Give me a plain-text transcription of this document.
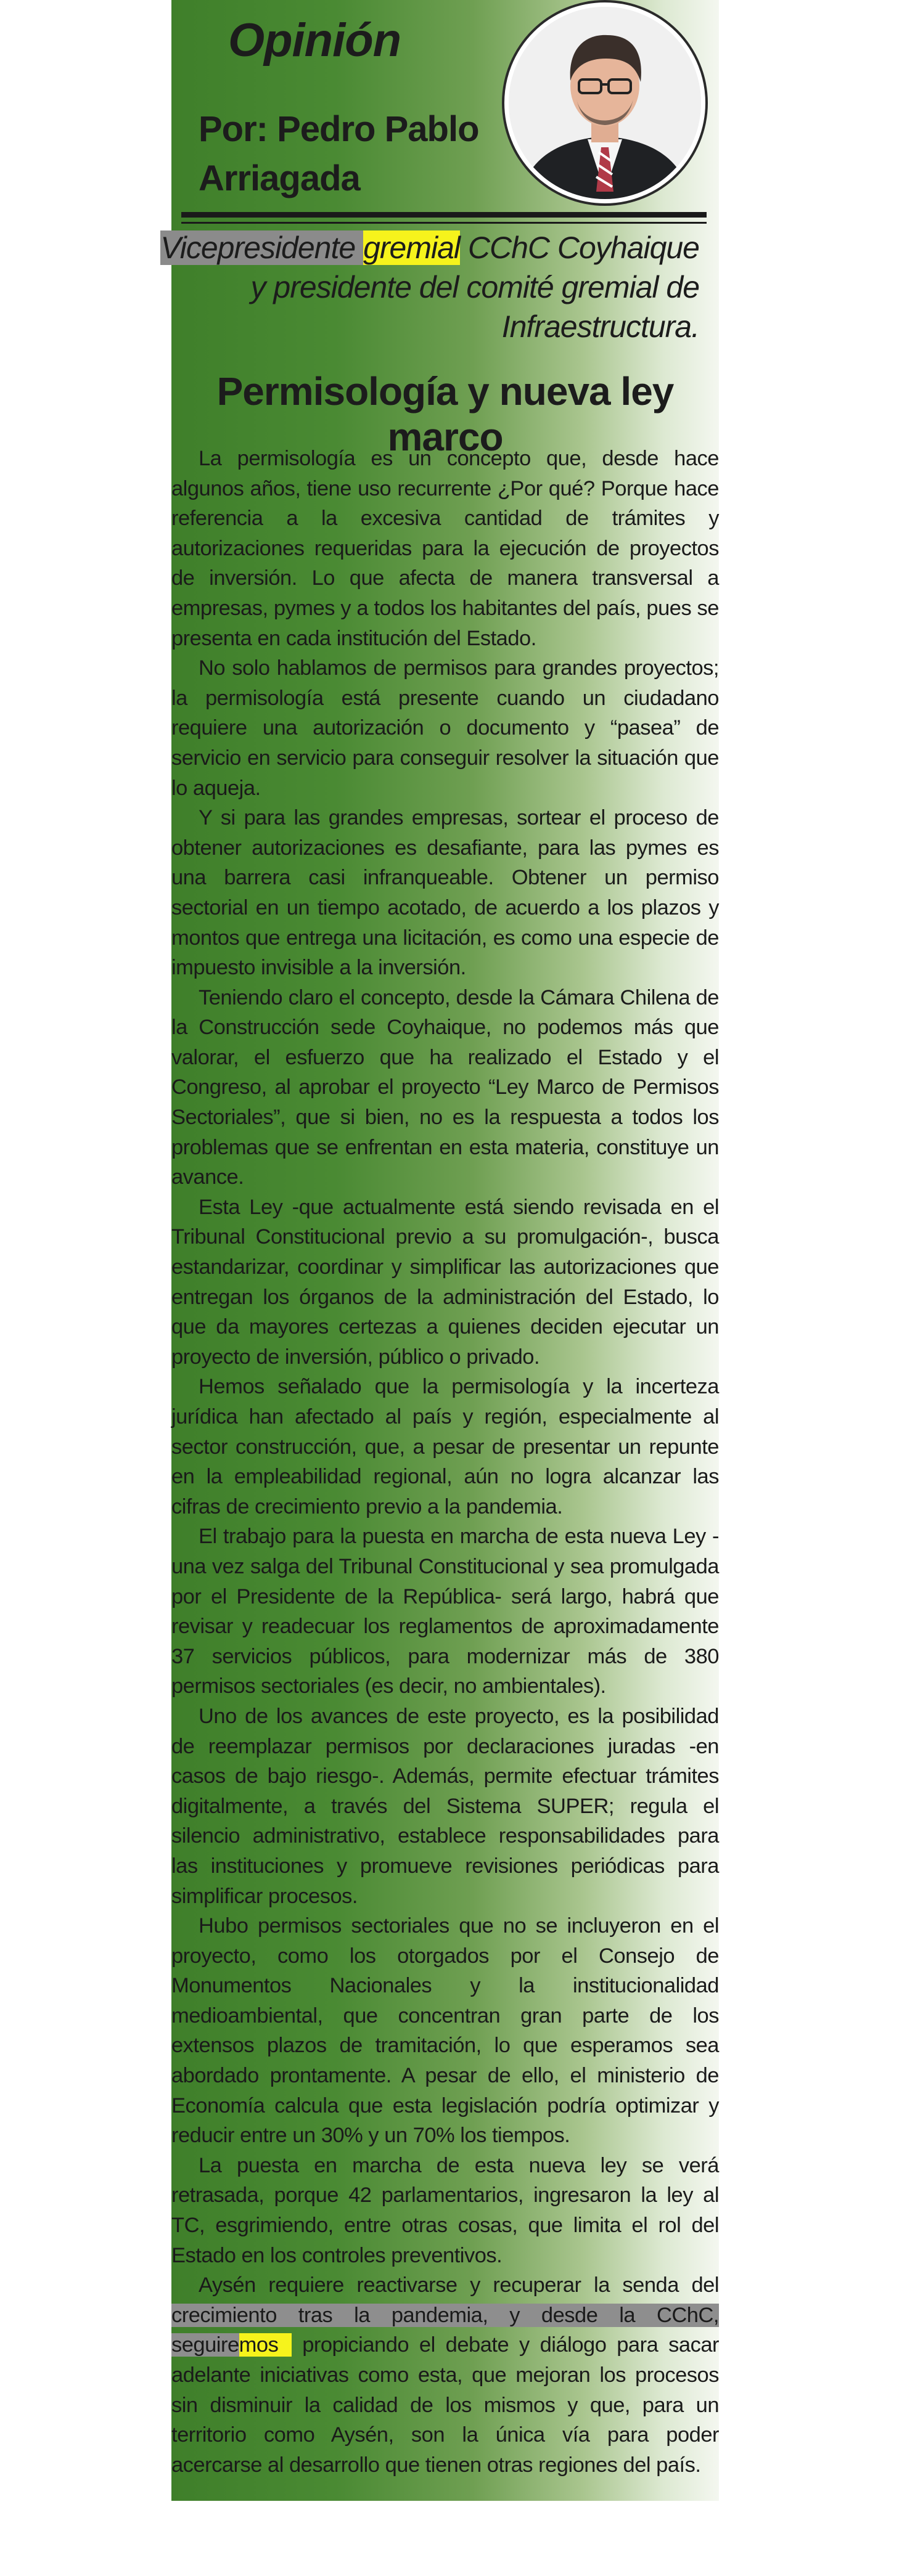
Opinión
Por: Pedro Pablo
Arriagada
Vicepresidente gremial CChC Coyhaique
y presidente del comité gremial de
Infraestructura.
Permisología y nueva ley marco

La permisología es un concepto que, desde hace algunos años, tiene uso recurrente ¿Por qué? Porque hace referencia a la excesiva cantidad de trámites y autorizaciones requeridas para la ejecución de proyectos de inversión. Lo que afecta de manera transversal a empresas, pymes y a todos los habitantes del país, pues se presenta en cada institución del Estado.

No solo hablamos de permisos para grandes proyectos; la permisología está presente cuando un ciudadano requiere una autorización o documento y “pasea” de servicio en servicio para conseguir resolver la situación que lo aqueja.

Y si para las grandes empresas, sortear el proceso de obtener autorizaciones es desafiante, para las pymes es una barrera casi infranqueable. Obtener un permiso sectorial en un tiempo acotado, de acuerdo a los plazos y montos que entrega una licitación, es como una especie de impuesto invisible a la inversión.

Teniendo claro el concepto, desde la Cámara Chilena de la Construcción sede Coyhaique, no podemos más que valorar, el esfuerzo que ha realizado el Estado y el Congreso, al aprobar el proyecto “Ley Marco de Permisos Sectoriales”, que si bien, no es la respuesta a todos los problemas que se enfrentan en esta materia, constituye un avance.

Esta Ley -que actualmente está siendo revisada en el Tribunal Constitucional previo a su promulgación-, busca estandarizar, coordinar y simplificar las autorizaciones que entregan los órganos de la administración del Estado, lo que da mayores certezas a quienes deciden ejecutar un proyecto de inversión, público o privado.

Hemos señalado que la permisología y la incerteza jurídica han afectado al país y región, especialmente al sector construcción, que, a pesar de presentar un repunte en la empleabilidad regional, aún no logra alcanzar las cifras de crecimiento previo a la pandemia.

El trabajo para la puesta en marcha de esta nueva Ley -una vez salga del Tribunal Constitucional y sea promulgada por el Presidente de la República- será largo, habrá que revisar y readecuar los reglamentos de aproximadamente 37 servicios públicos, para modernizar más de 380 permisos sectoriales (es decir, no ambientales).

Uno de los avances de este proyecto, es la posibilidad de reemplazar permisos por declaraciones juradas -en casos de bajo riesgo-. Además, permite efectuar trámites digitalmente, a través del Sistema SUPER; regula el silencio administrativo, establece responsabilidades para las instituciones y promueve revisiones periódicas para simplificar procesos.

Hubo permisos sectoriales que no se incluyeron en el proyecto, como los otorgados por el Consejo de Monumentos Nacionales y la institucionalidad medioambiental, que concentran gran parte de los extensos plazos de tramitación, lo que esperamos sea abordado prontamente. A pesar de ello, el ministerio de Economía calcula que esta legislación podría optimizar y reducir entre un 30% y un 70% los tiempos.

La puesta en marcha de esta nueva ley se verá retrasada, porque 42 parlamentarios, ingresaron la ley al TC, esgrimiendo, entre otras cosas, que limita el rol del Estado en los controles preventivos.

Aysén requiere reactivarse y recuperar la senda del crecimiento tras la pandemia, y desde la CChC, seguiremos propiciando el debate y diálogo para sacar adelante iniciativas como esta, que mejoran los procesos sin disminuir la calidad de los mismos y que, para un territorio como Aysén, son la única vía para poder acercarse al desarrollo que tienen otras regiones del país.
